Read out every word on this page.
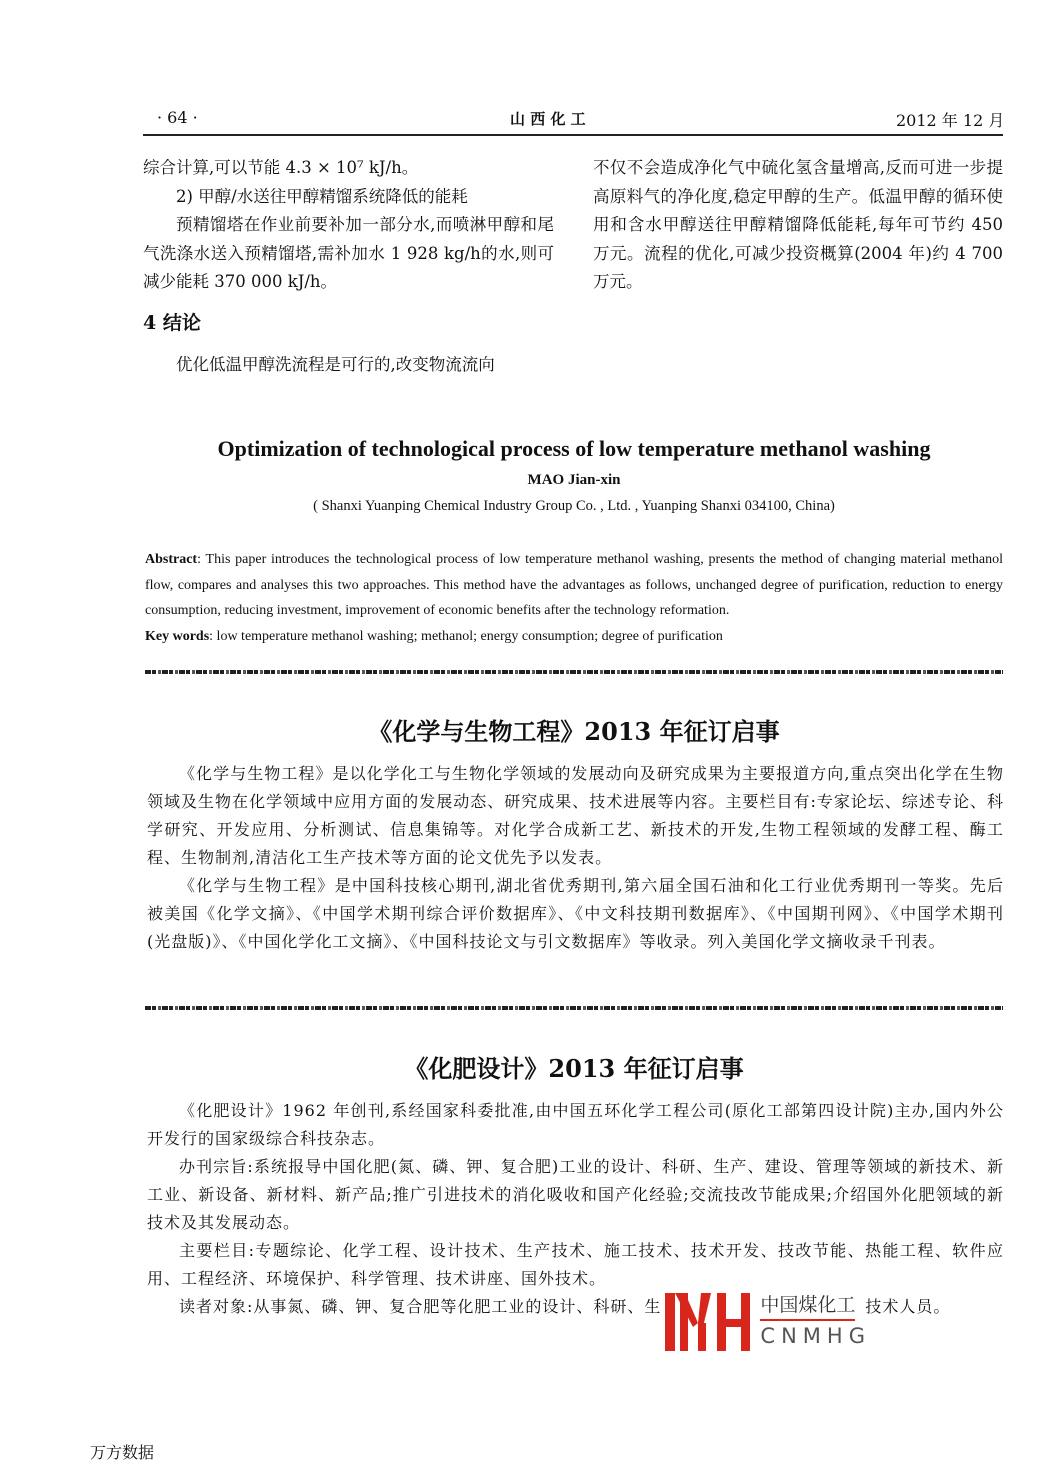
· 64 ·	山 西 化 工	2012 年 12 月

综合计算,可以节能 4.3 × 10⁷ kJ/h。

2) 甲醇/水送往甲醇精馏系统降低的能耗

预精馏塔在作业前要补加一部分水,而喷淋甲醇和尾气洗涤水送入预精馏塔,需补加水 1 928 kg/h的水,则可减少能耗 370 000 kJ/h。

4 结论

优化低温甲醇洗流程是可行的,改变物流流向

不仅不会造成净化气中硫化氢含量增高,反而可进一步提高原料气的净化度,稳定甲醇的生产。低温甲醇的循环使用和含水甲醇送往甲醇精馏降低能耗,每年可节约 450 万元。流程的优化,可减少投资概算(2004 年)约 4 700 万元。

Optimization of technological process of low temperature methanol washing
MAO Jian-xin
( Shanxi Yuanping Chemical Industry Group Co. , Ltd. , Yuanping Shanxi 034100, China)

Abstract: This paper introduces the technological process of low temperature methanol washing, presents the method of changing material methanol flow, compares and analyses this two approaches. This method have the advantages as follows, unchanged degree of purification, reduction to energy consumption, reducing investment, improvement of economic benefits after the technology reformation.

Key words: low temperature methanol washing; methanol; energy consumption; degree of purification

《化学与生物工程》2013 年征订启事

《化学与生物工程》是以化学化工与生物化学领域的发展动向及研究成果为主要报道方向,重点突出化学在生物领域及生物在化学领域中应用方面的发展动态、研究成果、技术进展等内容。主要栏目有:专家论坛、综述专论、科学研究、开发应用、分析测试、信息集锦等。对化学合成新工艺、新技术的开发,生物工程领域的发酵工程、酶工程、生物制剂,清洁化工生产技术等方面的论文优先予以发表。

《化学与生物工程》是中国科技核心期刊,湖北省优秀期刊,第六届全国石油和化工行业优秀期刊一等奖。先后被美国《化学文摘》、《中国学术期刊综合评价数据库》、《中文科技期刊数据库》、《中国期刊网》、《中国学术期刊(光盘版)》、《中国化学化工文摘》、《中国科技论文与引文数据库》等收录。列入美国化学文摘收录千刊表。

《化肥设计》2013 年征订启事

《化肥设计》1962 年创刊,系经国家科委批准,由中国五环化学工程公司(原化工部第四设计院)主办,国内外公开发行的国家级综合科技杂志。

办刊宗旨:系统报导中国化肥(氮、磷、钾、复合肥)工业的设计、科研、生产、建设、管理等领域的新技术、新工业、新设备、新材料、新产品;推广引进技术的消化吸收和国产化经验;交流技改节能成果;介绍国外化肥领域的新技术及其发展动态。

主要栏目:专题综论、化学工程、设计技术、生产技术、施工技术、技术开发、技改节能、热能工程、软件应用、工程经济、环境保护、科学管理、技术讲座、国外技术。

读者对象:从事氮、磷、钾、复合肥等化肥工业的设计、科研、生	中国煤化工
CNMHG
技术人员。

万方数据
